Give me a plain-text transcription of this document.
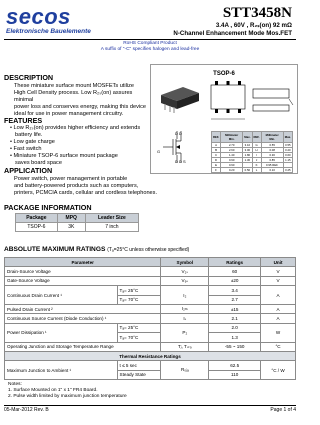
secos
Elektronische Bauelemente
STT3458N
3.4A , 60V , R₂ₛ(on) 92 mΩ
N-Channel Enhancement Mode Mos.FET
RoHS Compliant Product
A suffix of "-C" specifies halogen and lead-free
DESCRIPTION
These miniature surface mount MOSFETs utilize
High Cell Density process. Low R₂ₛ(on) assures minimal
power loss and conserves energy, making this device
ideal for use in power management circuitry.
FEATURES
• Low R₂ₛ(on) provides higher efficiency and extends
battery life.
• Low gate charge
• Fast switch
• Miniature TSOP-6 surface mount package
saves board space
TSOP-6
D D
G
D D S
REF.	Millimeter Min.	Max.	REF.	Millimeter Min.	Max.
A	2.70	3.10	G	0.55	0.55
B	2.60	3.00	H	0.08	0.20
C	1.40	1.80	I	0.30	0.60
D	0.90	1.30	J	0.85	1.15
E	0.90		K	0.95 REF.	
F	0.20	0.50	L	0.10	0.25
APPLICATION
Power switch, power management in portable
and battery-powered products such as computers,
printers, PCMCIA cards, cellular and cordless telephones.
PACKAGE INFORMATION
Package	MPQ	Leader Size
TSOP-6	3K	7 inch
ABSOLUTE MAXIMUM RATINGS (Tₐ=25°C unless otherwise specified)
Parameter		Symbol	Ratings	Unit
Drain-Source Voltage		V₂ₛ	60	V
Gate-Source Voltage		V₉ₛ	±20	V
Continuous Drain Current ¹	Tₐ= 25°C	I₂	3.4	A
	Tₐ= 70°C		2.7	
Pulsed Drain Current ²		I₂ₘ	±15	A
Continuous Source Current (Diode Conduction) ¹		Iₛ	2.1	A
Power Dissipation ¹	Tₐ= 25°C	P₂	2.0	W
	Tₐ= 70°C		1.3	
Operating Junction and Storage Temperature Range		Tⱼ, Tₛₜ₉	-55 ~ 150	°C
Thermal Resistance Ratings				
Maximum Junction to Ambient ¹	t ≤ 5 sec	R₀ⱼₐ	62.5	°C / W
	Steady State		110	
Notes:
1. Surface Mounted on 1" x 1" FR4 Board.
2. Pulse width limited by maximum junction temperature
05-Mar-2012 Rev. B	Page 1 of 4
